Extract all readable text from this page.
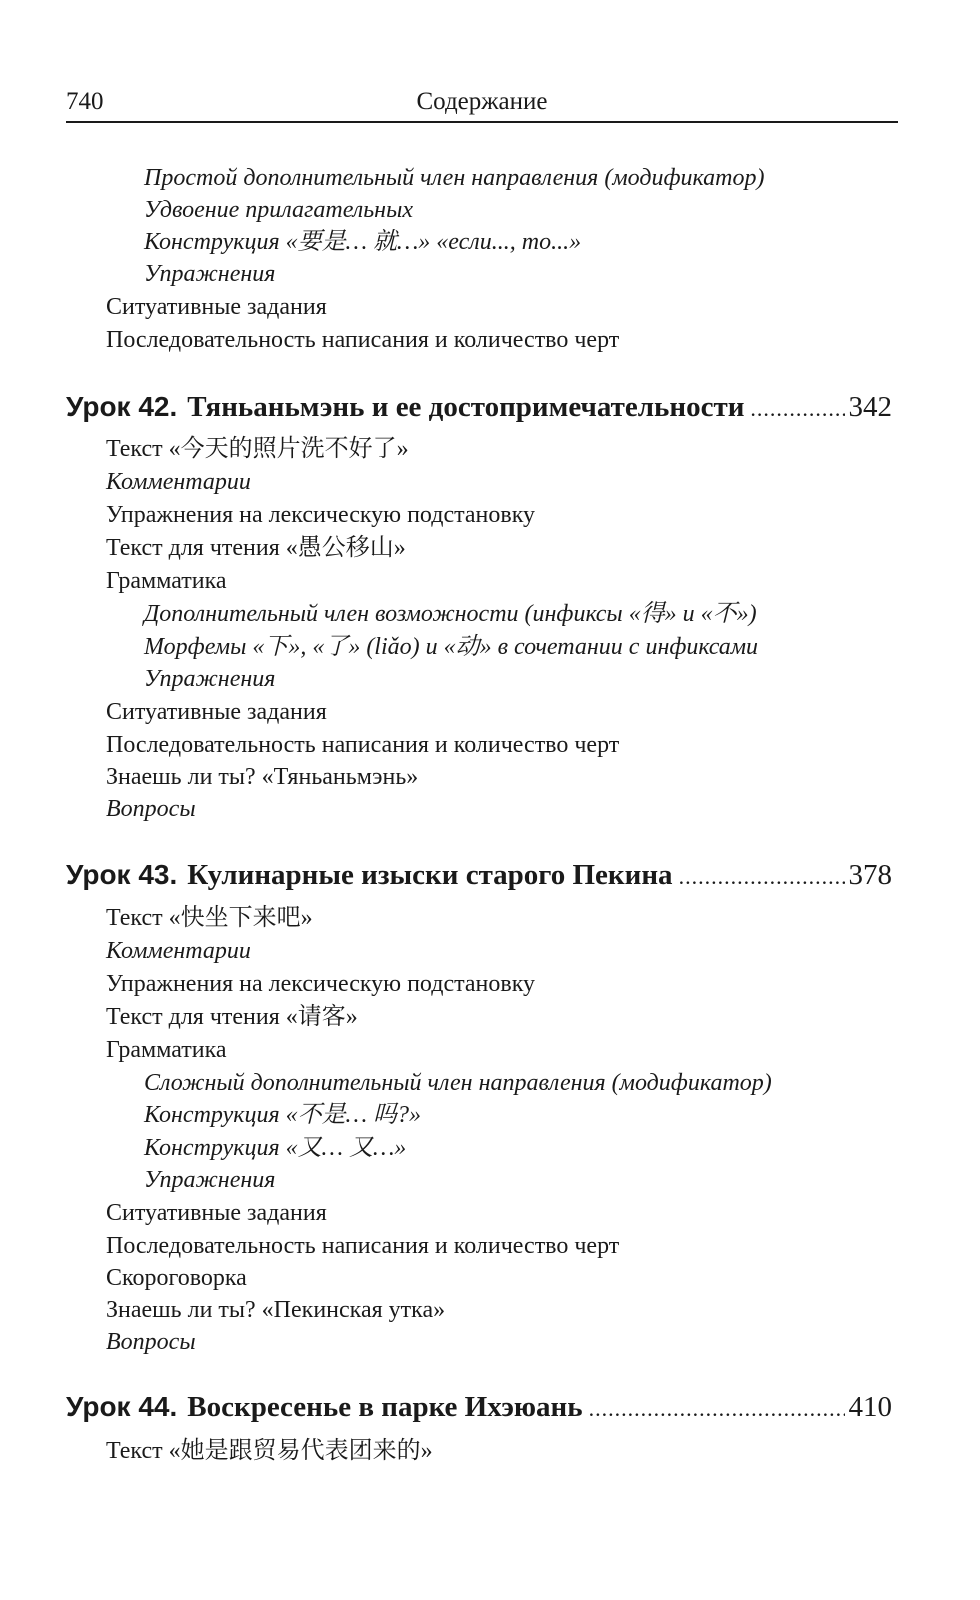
740	Содержание
Простой дополнительный член направления (модификатор)
Удвоение прилагательных
Конструкция «要是… 就…» «если..., то...»
Упражнения
Ситуативные задания
Последовательность написания и количество черт
Урок 42. Тяньаньмэнь и ее достопримечательности .....	342
Текст «今天的照片洗不好了»
Комментарии
Упражнения на лексическую подстановку
Текст для чтения «愚公移山»
Грамматика
Дополнительный член возможности (инфиксы «得» и «不»)
Морфемы «下», «了» (liǎo) и «动» в сочетании с инфиксами
Упражнения
Ситуативные задания
Последовательность написания и количество черт
Знаешь ли ты? «Тяньаньмэнь»
Вопросы
Урок 43. Кулинарные изыски старого Пекина .....	378
Текст «快坐下来吧»
Комментарии
Упражнения на лексическую подстановку
Текст для чтения «请客»
Грамматика
Сложный дополнительный член направления (модификатор)
Конструкция «不是… 吗?»
Конструкция «又… 又…»
Упражнения
Ситуативные задания
Последовательность написания и количество черт
Скороговорка
Знаешь ли ты? «Пекинская утка»
Вопросы
Урок 44. Воскресенье в парке Ихэюань .....	410
Текст «她是跟贸易代表团来的»
